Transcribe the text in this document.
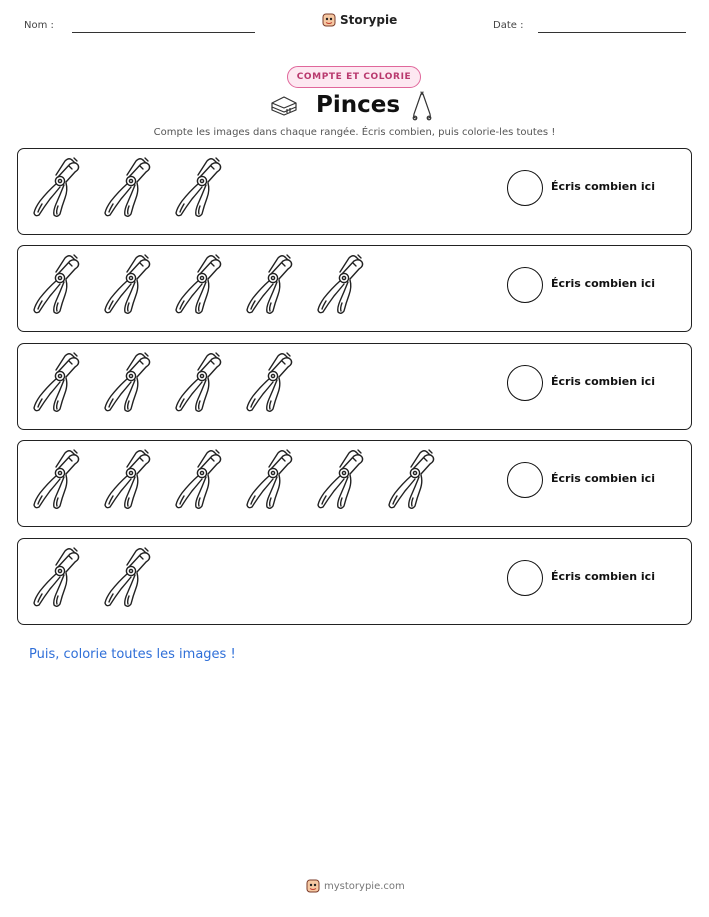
Nom :	Storypie	Date :
COMPTE ET COLORIE
Pinces
Compte les images dans chaque rangée. Écris combien, puis colorie-les toutes !
Écris combien ici
Écris combien ici
Écris combien ici
Écris combien ici
Écris combien ici
Puis, colorie toutes les images !
mystorypie.com
